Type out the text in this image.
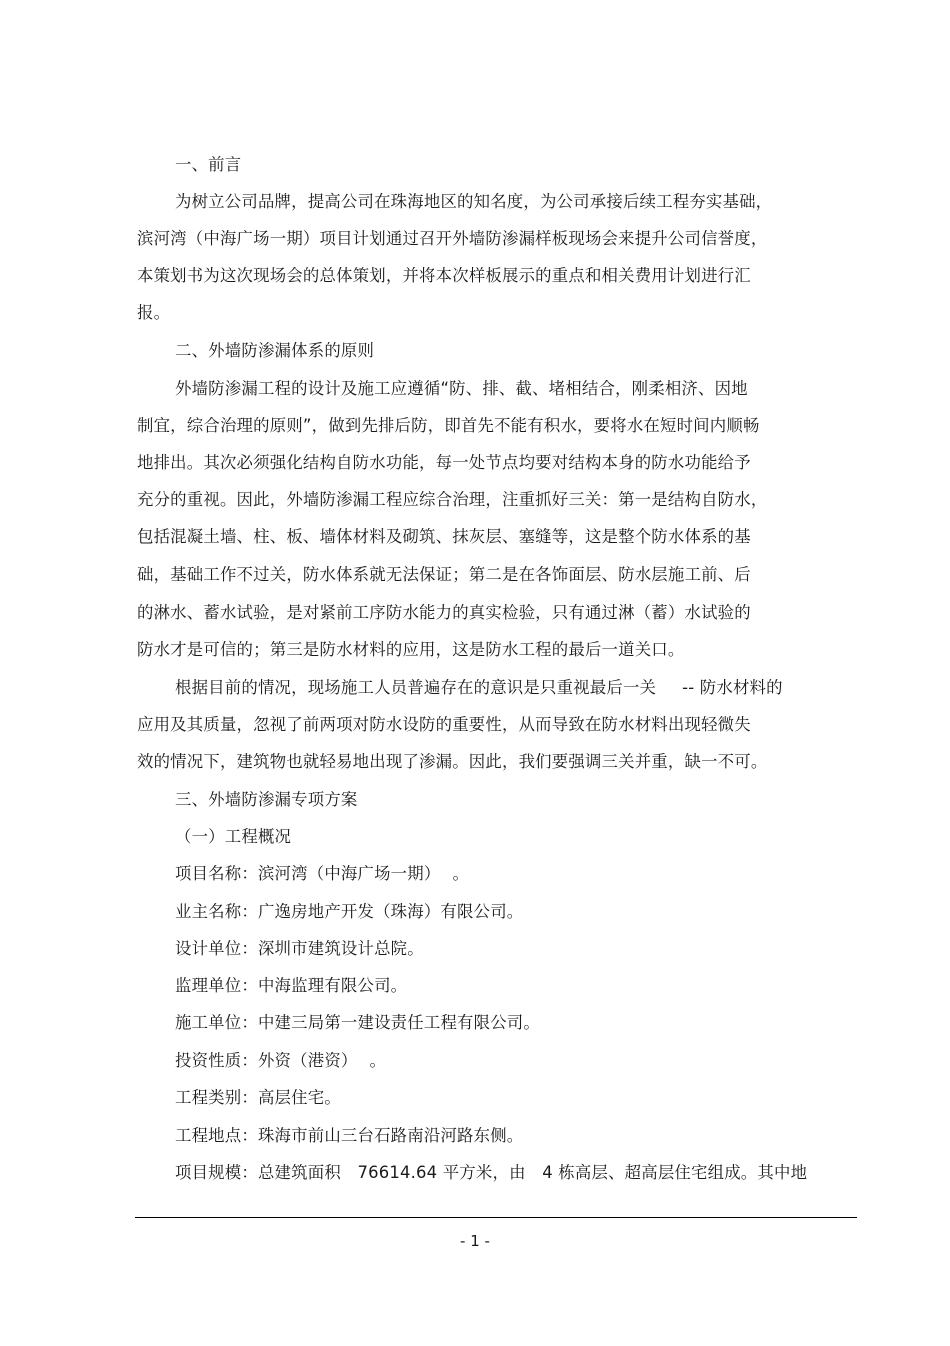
一、前言
为树立公司品牌，提高公司在珠海地区的知名度，为公司承接后续工程夯实基础，
滨河湾（中海广场一期）项目计划通过召开外墙防渗漏样板现场会来提升公司信誉度，
本策划书为这次现场会的总体策划，并将本次样板展示的重点和相关费用计划进行汇
报。
二、外墙防渗漏体系的原则
外墙防渗漏工程的设计及施工应遵循“防、排、截、堵相结合，刚柔相济、因地
制宜，综合治理的原则”，做到先排后防，即首先不能有积水，要将水在短时间内顺畅
地排出。其次必须强化结构自防水功能，每一处节点均要对结构本身的防水功能给予
充分的重视。因此，外墙防渗漏工程应综合治理，注重抓好三关：第一是结构自防水，
包括混凝土墙、柱、板、墙体材料及砌筑、抹灰层、塞缝等，这是整个防水体系的基
础，基础工作不过关，防水体系就无法保证；第二是在各饰面层、防水层施工前、后
的淋水、蓄水试验，是对紧前工序防水能力的真实检验，只有通过淋（蓄）水试验的
防水才是可信的；第三是防水材料的应用，这是防水工程的最后一道关口。
根据目前的情况，现场施工人员普遍存在的意识是只重视最后一关 -- 防水材料的
应用及其质量，忽视了前两项对防水设防的重要性，从而导致在防水材料出现轻微失
效的情况下，建筑物也就轻易地出现了渗漏。因此，我们要强调三关并重，缺一不可。
三、外墙防渗漏专项方案
（一）工程概况
项目名称：滨河湾（中海广场一期） 。
业主名称：广逸房地产开发（珠海）有限公司。
设计单位：深圳市建筑设计总院。
监理单位：中海监理有限公司。
施工单位：中建三局第一建设责任工程有限公司。
投资性质：外资（港资） 。
工程类别：高层住宅。
工程地点：珠海市前山三台石路南沿河路东侧。
项目规模：总建筑面积　76614.64 平方米，由　4 栋高层、超高层住宅组成。其中地
- 1 -
